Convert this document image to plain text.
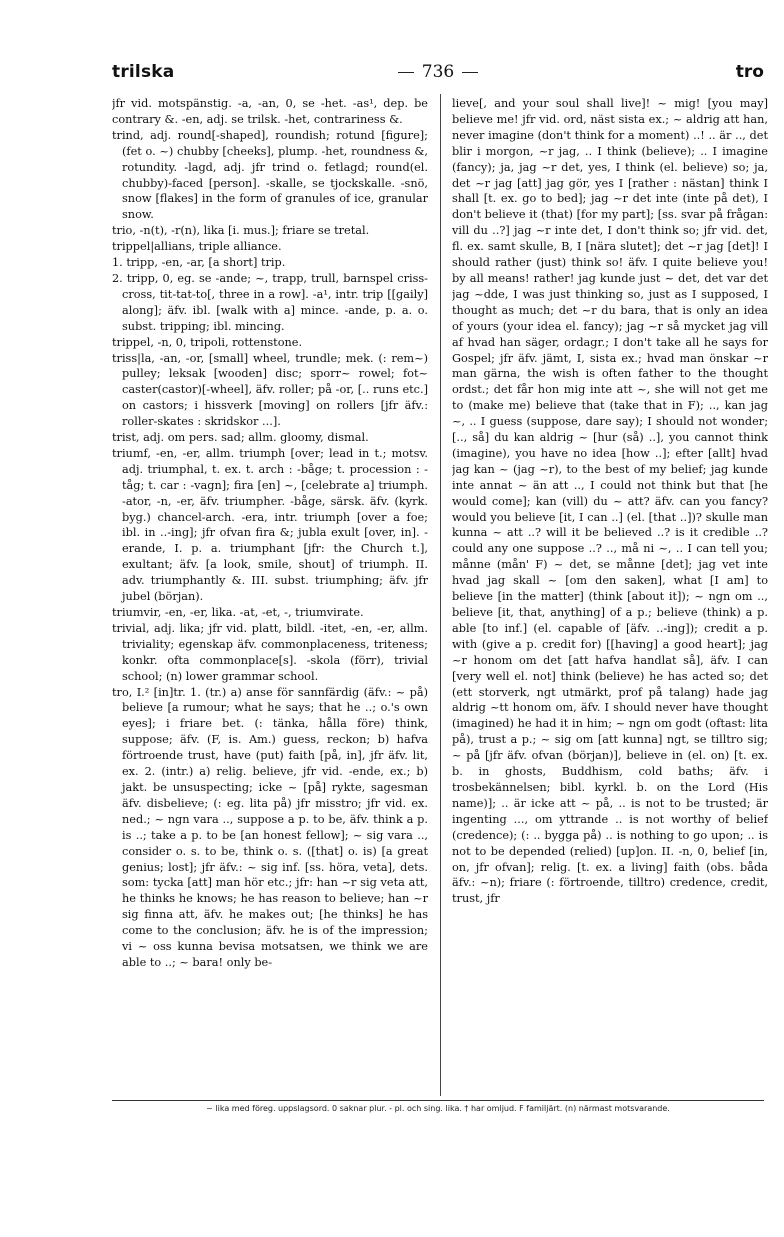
trilska	736	tro

jfr vid. motspänstig. -a, -an, 0, se -het. -as¹, dep. be contrary &. -en, adj. se trilsk. -het, contrariness &.

trind, adj. round[-shaped], roundish; rotund [figure]; (fet o. ~) chubby [cheeks], plump. -het, roundness &, rotundity. -lagd, adj. jfr trind o. fetlagd; round(el. chubby)-faced [person]. -skalle, se tjockskalle. -snö, snow [flakes] in the form of granules of ice, granular snow.

trio, -n(t), -r(n), lika [i. mus.]; friare se tretal.

trippel|allians, triple alliance.

1. tripp, -en, -ar, [a short] trip.

2. tripp, 0, eg. se -ande; ~, trapp, trull, barnspel criss-cross, tit-tat-to[, three in a row]. -a¹, intr. trip [[gaily] along]; äfv. ibl. [walk with a] mince. -ande, p. a. o. subst. tripping; ibl. mincing.

trippel, -n, 0, tripoli, rottenstone.

triss|la, -an, -or, [small] wheel, trundle; mek. (: rem~) pulley; leksak [wooden] disc; sporr~ rowel; fot~ caster(castor)[-wheel], äfv. roller; på -or, [.. runs etc.] on castors; i hissverk [moving] on rollers [jfr äfv.: roller-skates : skridskor ...].

trist, adj. om pers. sad; allm. gloomy, dismal.

triumf, -en, -er, allm. triumph [over; lead in t.; motsv. adj. triumphal, t. ex. t. arch : -båge; t. procession : -tåg; t. car : -vagn]; fira [en] ~, [celebrate a] triumph. -ator, -n, -er, äfv. triumpher. -båge, särsk. äfv. (kyrk. byg.) chancel-arch. -era, intr. triumph [over a foe; ibl. in ..-ing]; jfr ofvan fira &; jubla exult [over, in]. -erande, I. p. a. triumphant [jfr: the Church t.], exultant; äfv. [a look, smile, shout] of triumph. II. adv. triumphantly &. III. subst. triumphing; äfv. jfr jubel (början).

triumvir, -en, -er, lika. -at, -et, -, triumvirate.

trivial, adj. lika; jfr vid. platt, bildl. -itet, -en, -er, allm. triviality; egenskap äfv. commonplaceness, triteness; konkr. ofta commonplace[s]. -skola (förr), trivial school; (n) lower grammar school.

tro, I.² [in]tr. 1. (tr.) a) anse för sannfärdig (äfv.: ~ på) believe [a rumour; what he says; that he ..; o.'s own eyes]; i friare bet. (: tänka, hålla före) think, suppose; äfv. (F, is. Am.) guess, reckon; b) hafva förtroende trust, have (put) faith [på, in], jfr äfv. lit, ex. 2. (intr.) a) relig. believe, jfr vid. -ende, ex.; b) jakt. be unsuspecting; icke ~ [på] rykte, sagesman äfv. disbelieve; (: eg. lita på) jfr misstro; jfr vid. ex. ned.; ~ ngn vara .., suppose a p. to be, äfv. think a p. is ..; take a p. to be [an honest fellow]; ~ sig vara .., consider o. s. to be, think o. s. ([that] o. is) [a great genius; lost]; jfr äfv.: ~ sig inf. [ss. höra, veta], dets. som: tycka [att] man hör etc.; jfr: han ~r sig veta att, he thinks he knows; he has reason to believe; han ~r sig finna att, äfv. he makes out; [he thinks] he has come to the conclusion; äfv. he is of the impression; vi ~ oss kunna bevisa motsatsen, we think we are able to ..; ~ bara! only be-

lieve[, and your soul shall live]! ~ mig! [you may] believe me! jfr vid. ord, näst sista ex.; ~ aldrig att han, never imagine (don't think for a moment) ..! .. är .., det blir i morgon, ~r jag, .. I think (believe); .. I imagine (fancy); ja, jag ~r det, yes, I think (el. believe) so; ja, det ~r jag [att] jag gör, yes I [rather : nästan] think I shall [t. ex. go to bed]; jag ~r det inte (inte på det), I don't believe it (that) [for my part]; [ss. svar på frågan: vill du ..?] jag ~r inte det, I don't think so; jfr vid. det, fl. ex. samt skulle, B, I [nära slutet]; det ~r jag [det]! I should rather (just) think so! äfv. I quite believe you! by all means! rather! jag kunde just ~ det, det var det jag ~dde, I was just thinking so, just as I supposed, I thought as much; det ~r du bara, that is only an idea of yours (your idea el. fancy); jag ~r så mycket jag vill af hvad han säger, ordagr.; I don't take all he says for Gospel; jfr äfv. jämt, I, sista ex.; hvad man önskar ~r man gärna, the wish is often father to the thought ordst.; det får hon mig inte att ~, she will not get me to (make me) believe that (take that in F); .., kan jag ~, .. I guess (suppose, dare say); I should not wonder; [.., så] du kan aldrig ~ [hur (så) ..], you cannot think (imagine), you have no idea [how ..]; efter [allt] hvad jag kan ~ (jag ~r), to the best of my belief; jag kunde inte annat ~ än att .., I could not think but that [he would come]; kan (vill) du ~ att? äfv. can you fancy? would you believe [it, I can ..] (el. [that ..])? skulle man kunna ~ att ..? will it be believed ..? is it credible ..? could any one suppose ..? .., må ni ~, .. I can tell you; månne (mån' F) ~ det, se månne [det]; jag vet inte hvad jag skall ~ [om den saken], what [I am] to believe [in the matter] (think [about it]); ~ ngn om .., believe [it, that, anything] of a p.; believe (think) a p. able [to inf.] (el. capable of [äfv. ..-ing]); credit a p. with (give a p. credit for) [[having] a good heart]; jag ~r honom om det [att hafva handlat så], äfv. I can [very well el. not] think (believe) he has acted so; det (ett storverk, ngt utmärkt, prof på talang) hade jag aldrig ~tt honom om, äfv. I should never have thought (imagined) he had it in him; ~ ngn om godt (oftast: lita på), trust a p.; ~ sig om [att kunna] ngt, se tilltro sig; ~ på [jfr äfv. ofvan (början)], believe in (el. on) [t. ex. b. in ghosts, Buddhism, cold baths; äfv. i trosbekännelsen; bibl. kyrkl. b. on the Lord (His name)]; .. är icke att ~ på, .. is not to be trusted; är ingenting ..., om yttrande .. is not worthy of belief (credence); (: .. bygga på) .. is nothing to go upon; .. is not to be depended (relied) [up]on. II. -n, 0, belief [in, on, jfr ofvan]; relig. [t. ex. a living] faith (obs. båda äfv.: ~n); friare (: förtroende, tilltro) credence, credit, trust, jfr

~ lika med föreg. uppslagsord. 0 saknar plur. - pl. och sing. lika. † har omljud. F familjärt. (n) närmast motsvarande.
